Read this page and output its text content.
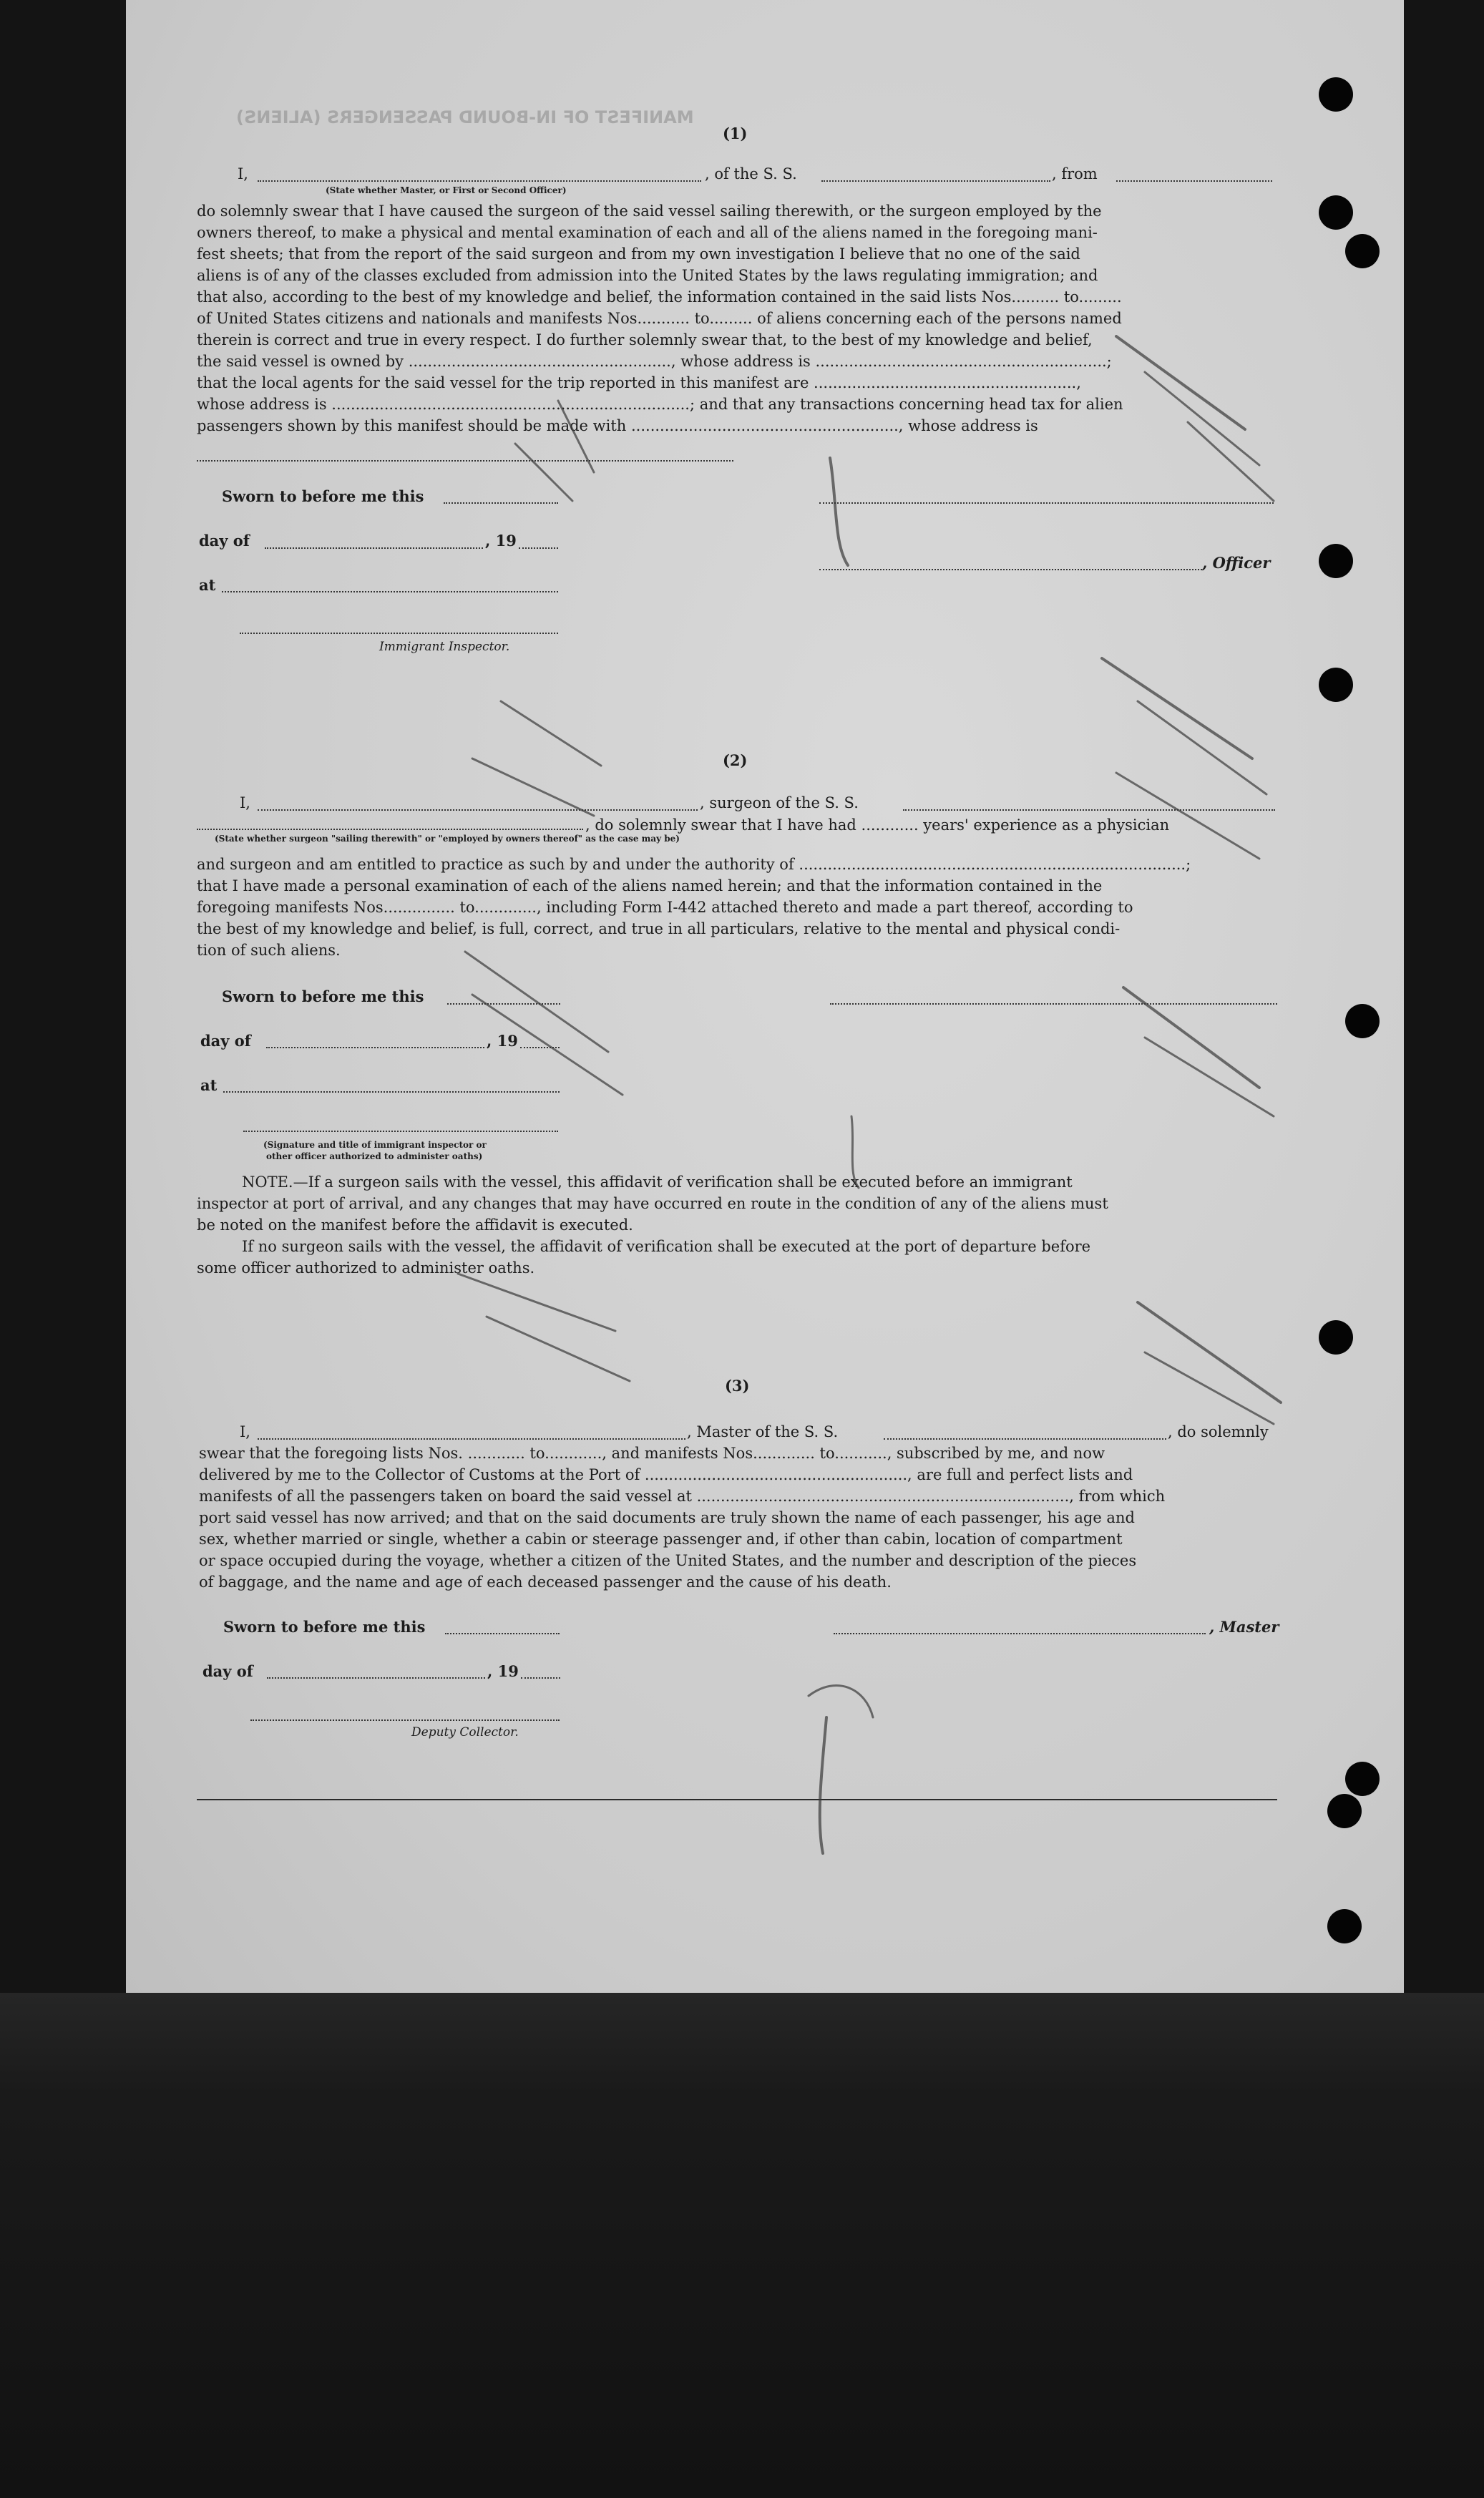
MANIFEST OF IN-BOUND PASSENGERS (ALIENS)
(1)
I,	, of the S. S.	, from
(State whether Master, or First or Second Officer)
do solemnly swear that I have caused the surgeon of the said vessel sailing therewith, or the surgeon employed by the
owners thereof, to make a physical and mental examination of each and all of the aliens named in the foregoing mani-
fest sheets; that from the report of the said surgeon and from my own investigation I believe that no one of the said
aliens is of any of the classes excluded from admission into the United States by the laws regulating immigration; and
that also, according to the best of my knowledge and belief, the information contained in the said lists Nos.......... to.........
of United States citizens and nationals and manifests Nos........... to......... of aliens concerning each of the persons named
therein is correct and true in every respect. I do further solemnly swear that, to the best of my knowledge and belief,
the said vessel is owned by ......................................................., whose address is .............................................................;
that the local agents for the said vessel for the trip reported in this manifest are .......................................................,
whose address is ...........................................................................; and that any transactions concerning head tax for alien
passengers shown by this manifest should be made with ........................................................, whose address is
Sworn to before me this
day of	, 19
, Officer
at
Immigrant Inspector.
(2)
I,	, surgeon of the S. S.
, do solemnly swear that I have had ............ years' experience as a physician
(State whether surgeon "sailing therewith" or "employed by owners thereof" as the case may be)
and surgeon and am entitled to practice as such by and under the authority of .................................................................................;
that I have made a personal examination of each of the aliens named herein; and that the information contained in the
foregoing manifests Nos............... to............., including Form I-442 attached thereto and made a part thereof, according to
the best of my knowledge and belief, is full, correct, and true in all particulars, relative to the mental and physical condi-
tion of such aliens.
Sworn to before me this
day of	, 19
at
(Signature and title of immigrant inspector or
other officer authorized to administer oaths)
NOTE.—If a surgeon sails with the vessel, this affidavit of verification shall be executed before an immigrant
inspector at port of arrival, and any changes that may have occurred en route in the condition of any of the aliens must
be noted on the manifest before the affidavit is executed.
If no surgeon sails with the vessel, the affidavit of verification shall be executed at the port of departure before
some officer authorized to administer oaths.
(3)
I,	, Master of the S. S.	, do solemnly
swear that the foregoing lists Nos. ............ to............, and manifests Nos............. to..........., subscribed by me, and now
delivered by me to the Collector of Customs at the Port of ......................................................., are full and perfect lists and
manifests of all the passengers taken on board the said vessel at .............................................................................., from which
port said vessel has now arrived; and that on the said documents are truly shown the name of each passenger, his age and
sex, whether married or single, whether a cabin or steerage passenger and, if other than cabin, location of compartment
or space occupied during the voyage, whether a citizen of the United States, and the number and description of the pieces
of baggage, and the name and age of each deceased passenger and the cause of his death.
Sworn to before me this	, Master
day of	, 19
Deputy Collector.
